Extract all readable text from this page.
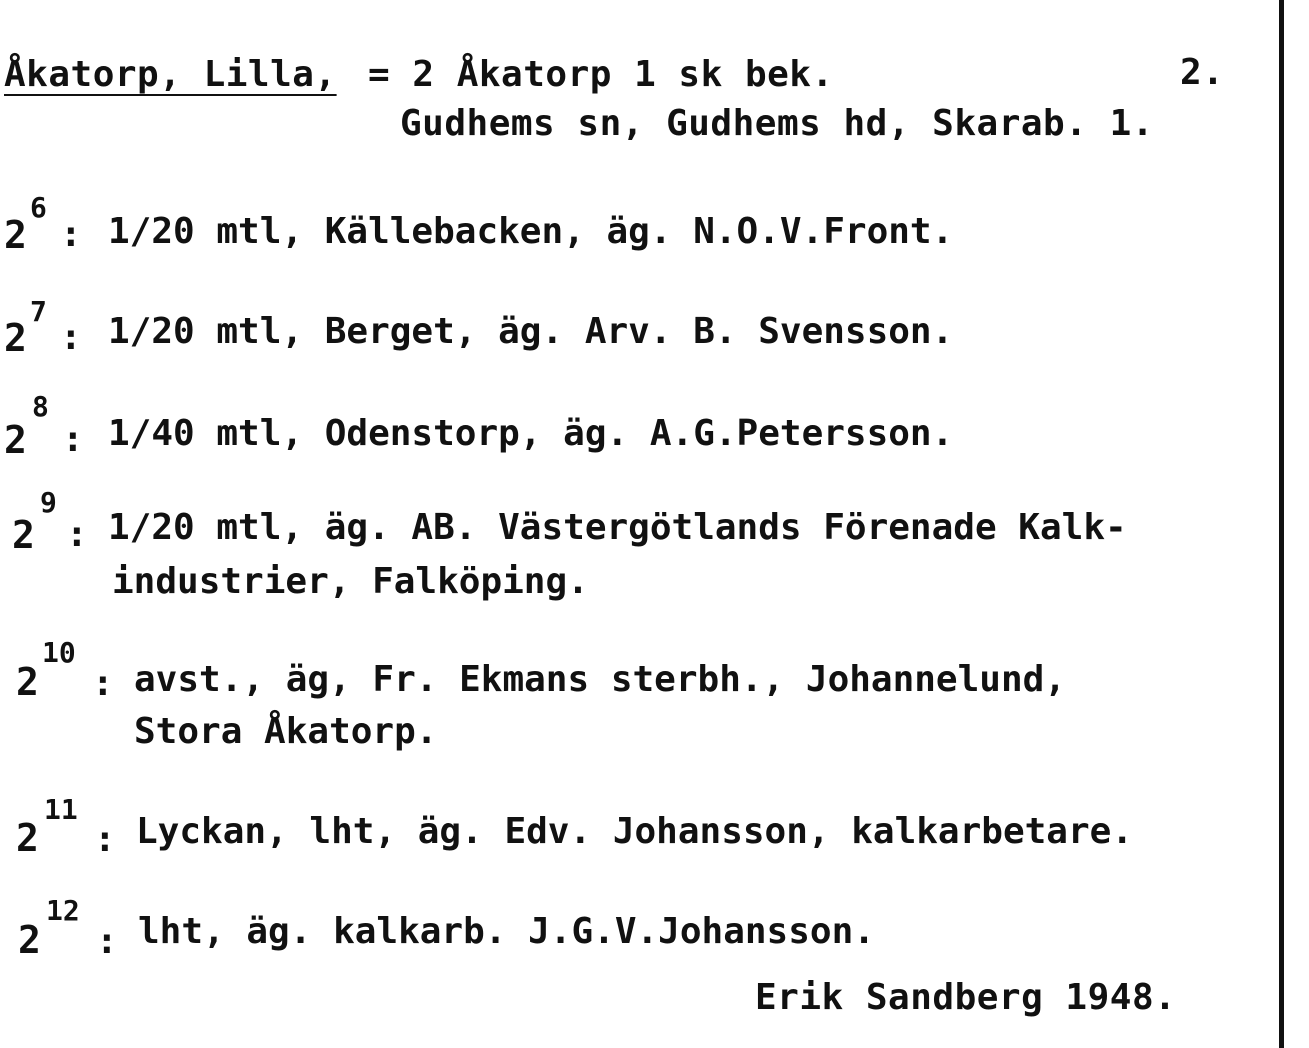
Åkatorp, Lilla, = 2 Åkatorp 1 sk bek.	2.
Gudhems sn, Gudhems hd, Skarab. 1.
2
6
: 1/20 mtl, Källebacken, äg. N.O.V.Front.
2
7
: 1/20 mtl, Berget, äg. Arv. B. Svensson.
2
8
: 1/40 mtl, Odenstorp, äg. A.G.Petersson.
2
9
: 1/20 mtl, äg. AB. Västergötlands Förenade Kalk-
industrier, Falköping.
2
10
: avst., äg, Fr. Ekmans sterbh., Johannelund,
Stora Åkatorp.
2
11
: Lyckan, lht, äg. Edv. Johansson, kalkarbetare.
2
12
: lht, äg. kalkarb. J.G.V.Johansson.
Erik Sandberg 1948.
